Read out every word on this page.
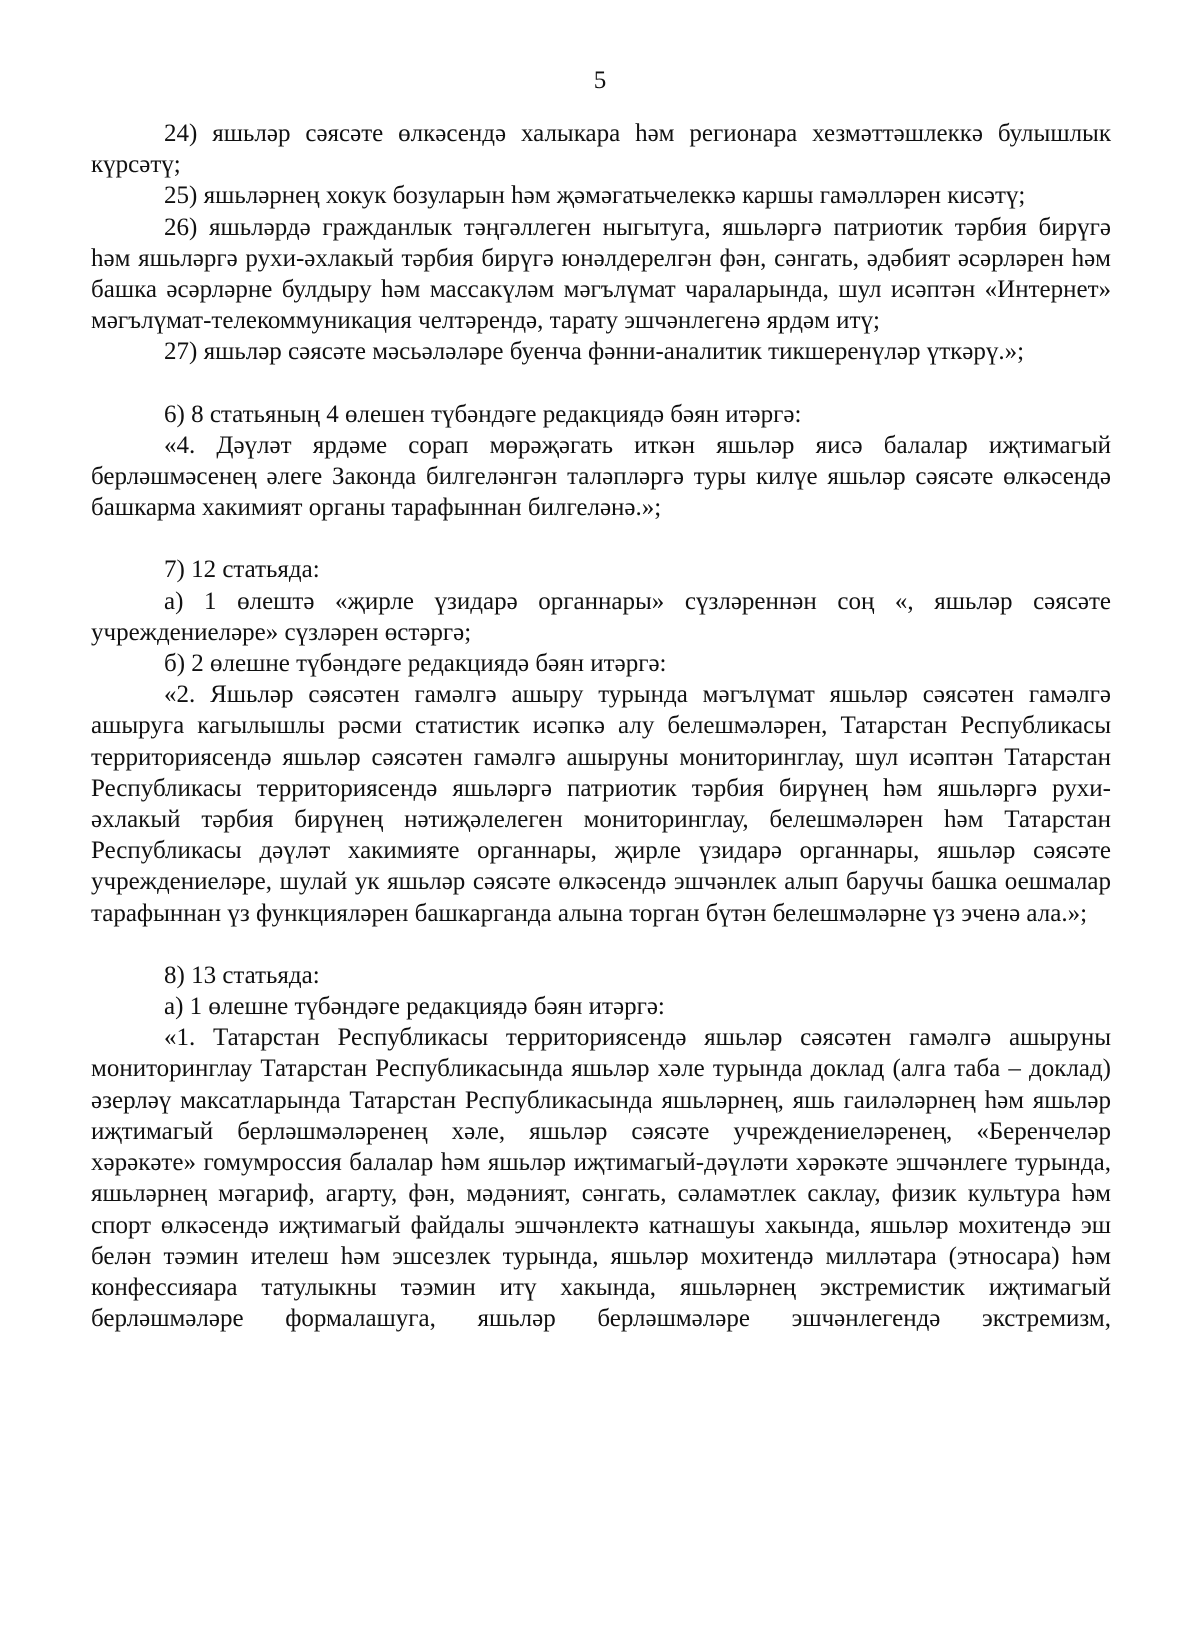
5

24) яшьләр сәясәте өлкәсендә халыкара һәм регионара хезмәттәшлеккә булышлык күрсәтү;

25) яшьләрнең хокук бозуларын һәм җәмәгатьчелеккә каршы гамәлләрен кисәтү;

26) яшьләрдә гражданлык тәңгәллеген ныгытуга, яшьләргә патриотик тәрбия бирүгә һәм яшьләргә рухи-әхлакый тәрбия бирүгә юнәлдерелгән фән, сәнгать, әдәбият әсәрләрен һәм башка әсәрләрне булдыру һәм массакүләм мәгълүмат чараларында, шул исәптән «Интернет» мәгълүмат-телекоммуникация челтәрендә, тарату эшчәнлегенә ярдәм итү;

27) яшьләр сәясәте мәсьәләләре буенча фәнни-аналитик тикшеренүләр үткәрү.»;

6) 8 статьяның 4 өлешен түбәндәге редакциядә бәян итәргә:

«4. Дәүләт ярдәме сорап мөрәҗәгать иткән яшьләр яисә балалар иҗтимагый берләшмәсенең әлеге Законда билгеләнгән таләпләргә туры килүе яшьләр сәясәте өлкәсендә башкарма хакимият органы тарафыннан билгеләнә.»;

7) 12 статьяда:

а) 1 өлештә «җирле үзидарә органнары» сүзләреннән соң «, яшьләр сәясәте учреждениеләре» сүзләрен өстәргә;

б) 2 өлешне түбәндәге редакциядә бәян итәргә:

«2. Яшьләр сәясәтен гамәлгә ашыру турында мәгълүмат яшьләр сәясәтен гамәлгә ашыруга кагылышлы рәсми статистик исәпкә алу белешмәләрен, Татарстан Республикасы территориясендә яшьләр сәясәтен гамәлгә ашыруны мониторинглау, шул исәптән Татарстан Республикасы территориясендә яшьләргә патриотик тәрбия бирүнең һәм яшьләргә рухи-әхлакый тәрбия бирүнең нәтиҗәлелеген мониторинглау, белешмәләрен һәм Татарстан Республикасы дәүләт хакимияте органнары, җирле үзидарә органнары, яшьләр сәясәте учреждениеләре, шулай ук яшьләр сәясәте өлкәсендә эшчәнлек алып баручы башка оешмалар тарафыннан үз функцияләрен башкарганда алына торган бүтән белешмәләрне үз эченә ала.»;

8) 13 статьяда:

а) 1 өлешне түбәндәге редакциядә бәян итәргә:

«1. Татарстан Республикасы территориясендә яшьләр сәясәтен гамәлгә ашыруны мониторинглау Татарстан Республикасында яшьләр хәле турында доклад (алга таба – доклад) әзерләү максатларында Татарстан Республикасында яшьләрнең, яшь гаиләләрнең һәм яшьләр иҗтимагый берләшмәләренең хәле, яшьләр сәясәте учреждениеләренең, «Беренчеләр хәрәкәте» гомумроссия балалар һәм яшьләр иҗтимагый-дәүләти хәрәкәте эшчәнлеге турында, яшьләрнең мәгариф, агарту, фән, мәдәният, сәнгать, сәламәтлек саклау, физик культура һәм спорт өлкәсендә иҗтимагый файдалы эшчәнлектә катнашуы хакында, яшьләр мохитендә эш белән тәэмин ителеш һәм эшсезлек турында, яшьләр мохитендә милләтара (этносара) һәм конфессияара татулыкны тәэмин итү хакында, яшьләрнең экстремистик иҗтимагый берләшмәләре формалашуга, яшьләр берләшмәләре эшчәнлегендә экстремизм,
